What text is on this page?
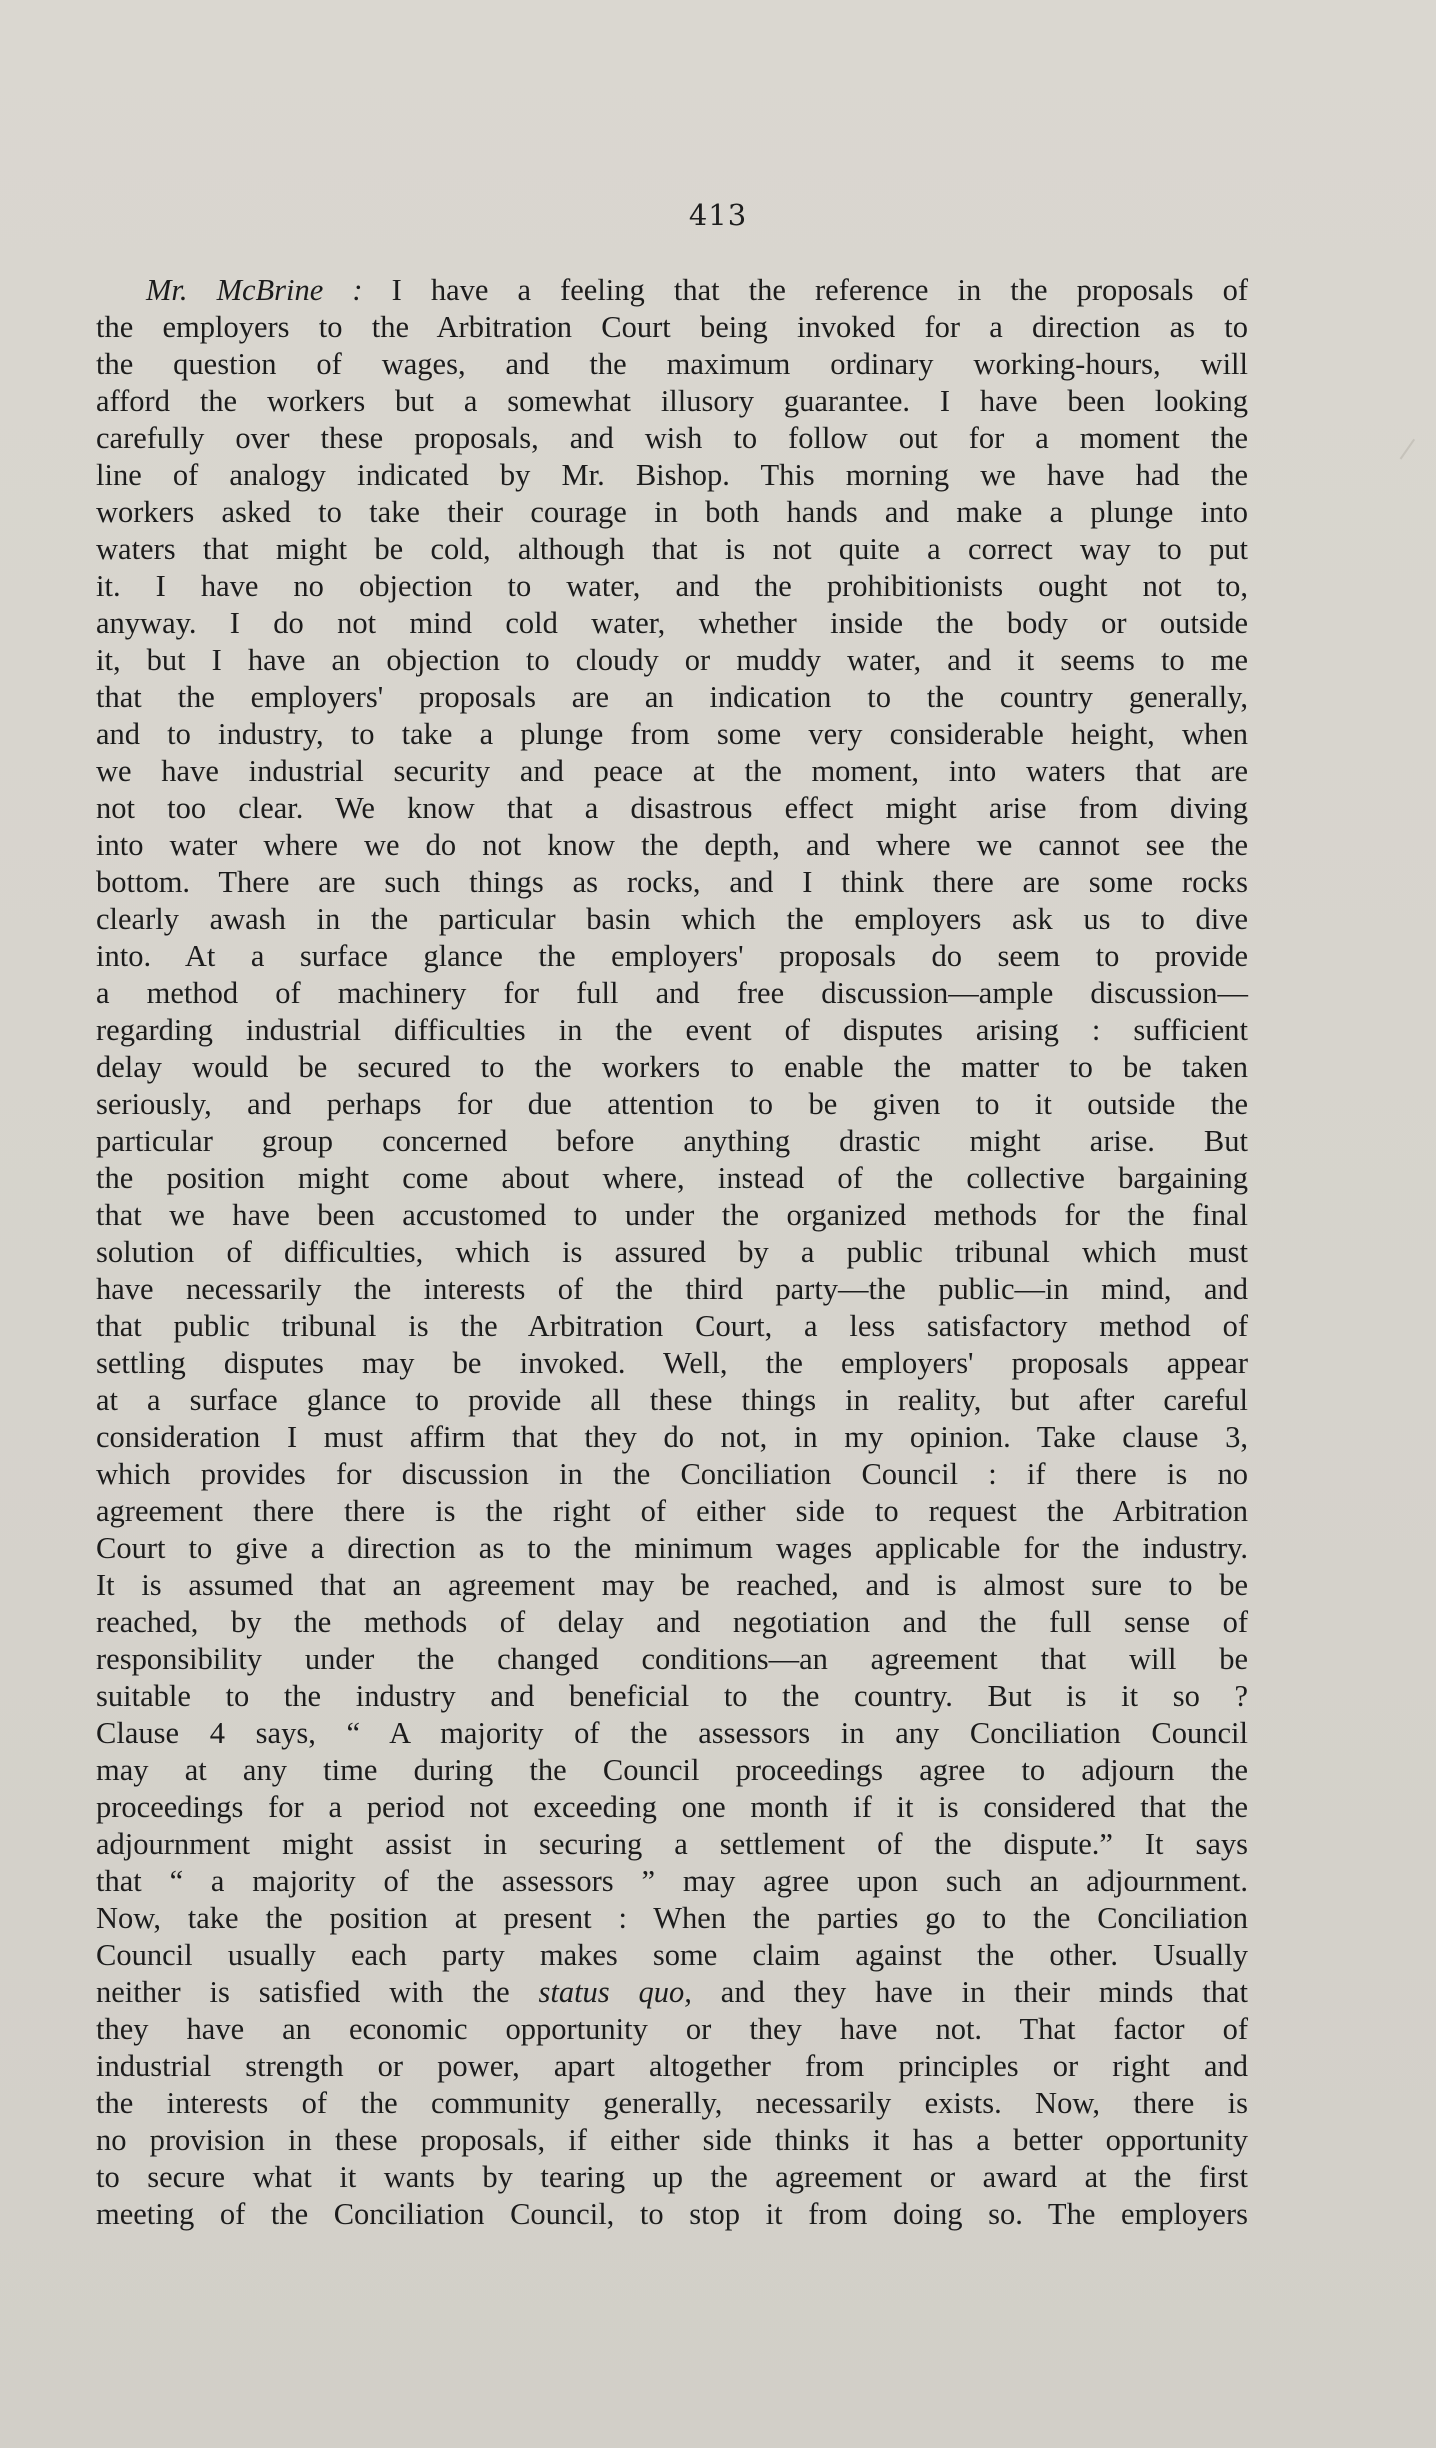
413
Mr. McBrine : I have a feeling that the reference in the proposals of
the employers to the Arbitration Court being invoked for a direction as to
the question of wages, and the maximum ordinary working-hours, will
afford the workers but a somewhat illusory guarantee. I have been looking
carefully over these proposals, and wish to follow out for a moment the
line of analogy indicated by Mr. Bishop. This morning we have had the
workers asked to take their courage in both hands and make a plunge into
waters that might be cold, although that is not quite a correct way to put
it. I have no objection to water, and the prohibitionists ought not to,
anyway. I do not mind cold water, whether inside the body or outside
it, but I have an objection to cloudy or muddy water, and it seems to me
that the employers' proposals are an indication to the country generally,
and to industry, to take a plunge from some very considerable height, when
we have industrial security and peace at the moment, into waters that are
not too clear. We know that a disastrous effect might arise from diving
into water where we do not know the depth, and where we cannot see the
bottom. There are such things as rocks, and I think there are some rocks
clearly awash in the particular basin which the employers ask us to dive
into. At a surface glance the employers' proposals do seem to provide
a method of machinery for full and free discussion—ample discussion—
regarding industrial difficulties in the event of disputes arising : sufficient
delay would be secured to the workers to enable the matter to be taken
seriously, and perhaps for due attention to be given to it outside the
particular group concerned before anything drastic might arise. But
the position might come about where, instead of the collective bargaining
that we have been accustomed to under the organized methods for the final
solution of difficulties, which is assured by a public tribunal which must
have necessarily the interests of the third party—the public—in mind, and
that public tribunal is the Arbitration Court, a less satisfactory method of
settling disputes may be invoked. Well, the employers' proposals appear
at a surface glance to provide all these things in reality, but after careful
consideration I must affirm that they do not, in my opinion. Take clause 3,
which provides for discussion in the Conciliation Council : if there is no
agreement there there is the right of either side to request the Arbitration
Court to give a direction as to the minimum wages applicable for the industry.
It is assumed that an agreement may be reached, and is almost sure to be
reached, by the methods of delay and negotiation and the full sense of
responsibility under the changed conditions—an agreement that will be
suitable to the industry and beneficial to the country. But is it so ?
Clause 4 says, “ A majority of the assessors in any Conciliation Council
may at any time during the Council proceedings agree to adjourn the
proceedings for a period not exceeding one month if it is considered that the
adjournment might assist in securing a settlement of the dispute.” It says
that “ a majority of the assessors ” may agree upon such an adjournment.
Now, take the position at present : When the parties go to the Conciliation
Council usually each party makes some claim against the other. Usually
neither is satisfied with the status quo, and they have in their minds that
they have an economic opportunity or they have not. That factor of
industrial strength or power, apart altogether from principles or right and
the interests of the community generally, necessarily exists. Now, there is
no provision in these proposals, if either side thinks it has a better opportunity
to secure what it wants by tearing up the agreement or award at the first
meeting of the Conciliation Council, to stop it from doing so. The employers
